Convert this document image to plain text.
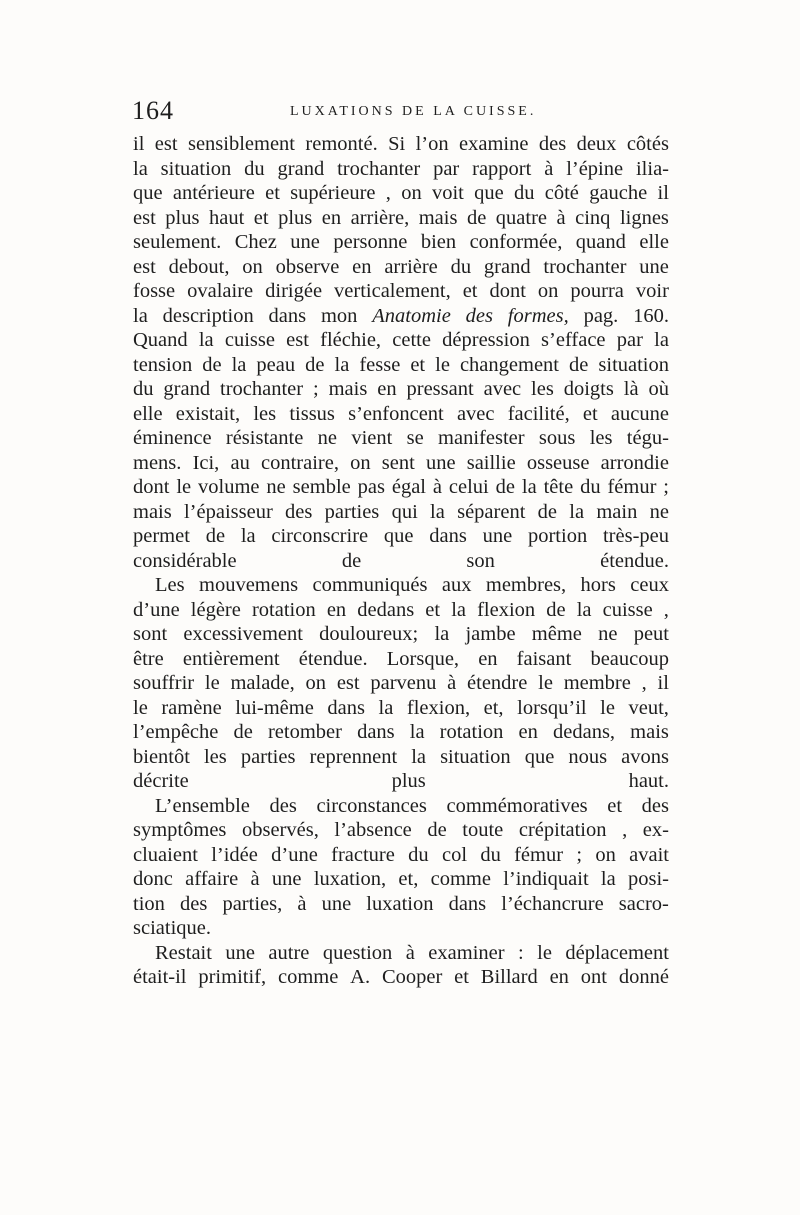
164	LUXATIONS DE LA CUISSE.
il est sensiblement remonté. Si l’on examine des deux côtés
la situation du grand trochanter par rapport à l’épine ilia-
que antérieure et supérieure , on voit que du côté gauche il
est plus haut et plus en arrière, mais de quatre à cinq lignes
seulement. Chez une personne bien conformée, quand elle
est debout, on observe en arrière du grand trochanter une
fosse ovalaire dirigée verticalement, et dont on pourra voir
la description dans mon Anatomie des formes, pag. 160.
Quand la cuisse est fléchie, cette dépression s’efface par la
tension de la peau de la fesse et le changement de situation
du grand trochanter ; mais en pressant avec les doigts là où
elle existait, les tissus s’enfoncent avec facilité, et aucune
éminence résistante ne vient se manifester sous les tégu-
mens. Ici, au contraire, on sent une saillie osseuse arrondie
dont le volume ne semble pas égal à celui de la tête du fémur ;
mais l’épaisseur des parties qui la séparent de la main ne
permet de la circonscrire que dans une portion très-peu
considérable de son étendue.
Les mouvemens communiqués aux membres, hors ceux
d’une légère rotation en dedans et la flexion de la cuisse ,
sont excessivement douloureux; la jambe même ne peut
être entièrement étendue. Lorsque, en faisant beaucoup
souffrir le malade, on est parvenu à étendre le membre , il
le ramène lui-même dans la flexion, et, lorsqu’il le veut,
l’empêche de retomber dans la rotation en dedans, mais
bientôt les parties reprennent la situation que nous avons
décrite plus haut.
L’ensemble des circonstances commémoratives et des
symptômes observés, l’absence de toute crépitation , ex-
cluaient l’idée d’une fracture du col du fémur ; on avait
donc affaire à une luxation, et, comme l’indiquait la posi-
tion des parties, à une luxation dans l’échancrure sacro-
sciatique.
Restait une autre question à examiner : le déplacement
était-il primitif, comme A. Cooper et Billard en ont donné
